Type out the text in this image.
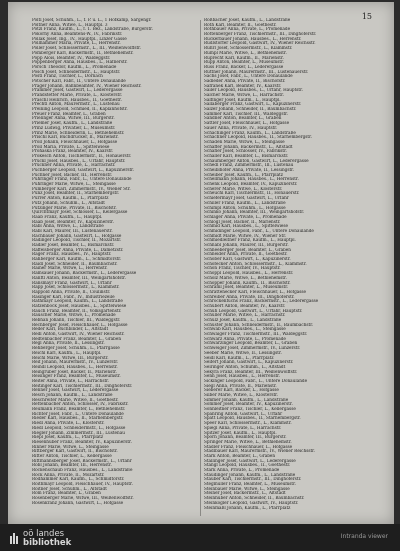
15
Pöltl Josef, Schuhm., L., f. P. u. L., 1 Hofkamp, Sargengr.
Pöltner Anna, Witwe, L., Hauptpl. 3
Pötzl Franz, Kaufm., L., f. 1. Bez., Landstraße, Bürgerstr.
Pokorny Anna, Beamtens-W., IV., Fabrikstr.
Pollak Josef, Ing., IV., Hauptpl., Linzer Gasse
Pollhammer Maria, Private, L., Herrenstr.
Poller Josef, Schlossermstr., L., III., Weißenwolffstr.
Pomberger Karl, Bäckermstr., II., Bethlehemstr.
Popp Alois, Beamter, IV., Waldeggstr.
Poppenberger Anna, Hausbes., L., Hafnerstr.
Porsch Theodor, Kaufm., L., Promenade
Posch Josef, Schneidermstr., L., Hauptstr.
Postl Franz, Tischler, L., Dornach
Pötscher Karl, Fabr., II., Untere Donaulände
Prager Johann, Bahnbeamter, IV., Wiener Reichsstr.
Prammer Josef, Gastwirt, L., Lederergasse
Prandstetter Marie, Private, L., Klosterstr.
Praschl Heinrich, Hausbes., II., Goethestr.
Prechtl Anton, Maurermstr., L., Lustenau
Preining Leopold, Schmied, II., Kaplanhofstr.
Preuer Franz, Beamter, L., Graben
Prielinger Anna, Witwe, III., Bürgerstr.
Priemer Josef, Kaufm., L., Landstraße
Prinz Ludwig, Privatier, L., Museumstr.
Prinz Marie, Schneiderin, L., Bethlehemstr.
Prischl Karl, Buchdrucker, II., Marienstr.
Pröll Johann, Fleischhauer, L., Hofgasse
Pröll Maria, Private, L., Spittelwiese
Prohaska Franz, Beamter, IV., Kaarstr.
Prokesch Anton, Tischlermstr., II., Honauerstr.
Prückl Josef, Hausbes., L., Urfahr, Hauptstr.
Pruckner Anna, Private, L., Harrachstr.
Puchberger Leopold, Gastwirt, L., Kapuzinerstr.
Puchner Josef, Bäcker, III., Herrenstr.
Pühringer Franz, Fabr., L., Untere Donaulände
Pühringer Marie, Witwe, L., Steingasse
Pumberger Karl, Zimmermstr., IV., Wiener Str.
Punz Josef, Beamter, II., Starhembergstr.
Purrer Anton, Kaufm., L., Pfarrplatz
Putz Johann, Schuhm., L., Altstadt
Putzinger Marie, Private, II., Bischofstr.
Quirchtmayr Josef, Schlosser, L., Kellergasse
Raab Franz, Kaufm., L., Hauptpl.
Raab Josef, Beamter, IV., Kapuzinerstr.
Rabl Anna, Witwe, L., Landstraße
Rabl Karl, Maurer, III., Lustenauerstr.
Rachbauer Johann, Gastwirt, L., Hofgasse
Radinger Leopold, Tischler, II., Mozartstr.
Radler Josef, Beamter, L., Bismarckstr.
Raffelsberger Anna, Private, L., Dametzstr.
Rager Franz, Hausbes., IV., Hauptstr.
Rahberger Karl, Kaufm., L., Schmidtorstr.
Raidl Josef, Schneider, II., Baumbachstr.
Rainer Marie, Witwe, L., Herrenstr.
Ramsauer Johann, Bäckermstr., L., Lederergasse
Ranftl Anton, Beamter, III., Weingartshofstr.
Ransmayr Franz, Gastwirt, L., Urfahr
Rapp Josef, Schlossermstr., L., Klammstr.
Rappold Anna, Private, II., Coulinstr.
Rasinger Karl, Fabr., IV., Industriezeile
Rathmayr Leopold, Kaufm., L., Landstraße
Ratzenböck Josef, Hausbes., L., Spittelwiese
Rauch Franz, Beamter, II., Volksgartenstr.
Rauscher Marie, Witwe, L., Promenade
Rebhan Johann, Tischler, III., Waldeggstr.
Rechberger Josef, Fleischhauer, L., Hofgasse
Reder Karl, Buchbinder, L., Altstadt
Redl Anton, Gastwirt, IV., Wiener Reichsstr.
Redtenbacher Franz, Beamter, L., Graben
Regl Anna, Private, II., Lessingstr.
Rehberger Josef, Schuhm., L., Pfarrgasse
Reichl Karl, Kaufm., L., Hauptpl.
Reichl Marie, Witwe, III., Bürgerstr.
Reif Johann, Maurermstr., IV., Lunzerstr.
Reindl Leopold, Hausbes., L., Herrenstr.
Reingruber Josef, Bäcker, II., Marienstr.
Reisinger Franz, Beamter, L., Museumstr.
Reiter Anna, Private, L., Harrachstr.
Reitinger Karl, Tischlermstr., III., Dinghoferstr.
Renner Josef, Gastwirt, L., Lederergasse
Resch Johann, Kaufm., L., Landstraße
Reschreiter Marie, Witwe, II., Goethestr.
Rettenbacher Anton, Schlosser, IV., Fabrikstr.
Reumann Franz, Beamter, L., Bethlehemstr.
Richter Josef, Fabr., L., Untere Donaulände
Rieder Karl, Hausbes., II., Starhembergstr.
Riedl Anna, Private, L., Klosterstr.
Riedl Leopold, Schneidermstr., L., Hofgasse
Riegler Johann, Zimmermstr., III., Lustenau
Riepl Josef, Kaufm., L., Pfarrplatz
Riesenhuber Franz, Beamter, IV., Kapuzinerstr.
Rinner Marie, Witwe, L., Steingasse
Rittberger Karl, Gastwirt, II., Bischofstr.
Ritter Anton, Tischler, L., Kellergasse
Rittmannsberger Josef, Bäckermstr., L., Urfahr
Robl Johann, Beamter, III., Herrenstr.
Rockenschaub Franz, Hausbes., L., Landstraße
Röck Anna, Private, II., Mozartstr.
Rödhammer Karl, Kaufm., L., Schmidtorstr.
Roithmayr Leopold, Fleischhauer, IV., Hauptstr.
Roitner Josef, Schuhm., L., Altstadt
Rom Franz, Beamter, L., Graben
Rosenberger Marie, Witwe, III., Weißenwolffstr.
Rosenkranz Johann, Gastwirt, L., Hofgasse
Roßbacher Josef, Kaufm., L., Landstraße
Roth Karl, Beamter, II., Goethestr.
Rothbauer Anna, Private, L., Promenade
Rottenberger Franz, Tischlermstr., III., Dinghoferstr.
Ruckerbauer Johann, Hausbes., L., Herrenstr.
Rudlstorfer Leopold, Gastwirt, IV., Wiener Reichsstr.
Rührl Josef, Schlossermstr., L., Klammstr.
Rumpl Marie, Witwe, L., Bethlehemstr.
Ruprecht Karl, Kaufm., II., Marienstr.
Rupp Anton, Beamter, L., Museumstr.
Russ Franz, Bäcker, L., Lederergasse
Ruttner Johann, Maurermstr., III., Lustenauerstr.
Sachs Josef, Fabr., L., Untere Donaulände
Sadleder Anna, Private, II., Bischofstr.
Safranek Karl, Beamter, IV., Kaarstr.
Sailer Leopold, Hausbes., L., Urfahr, Hauptstr.
Salcher Marie, Witwe, L., Harrachstr.
Salfinger Josef, Kaufm., L., Hauptpl.
Sallaberger Franz, Gastwirt, L., Kapuzinerstr.
Salzer Johann, Schneider, II., Baumbachstr.
Sammer Karl, Tischler, III., Waldeggstr.
Sandner Anton, Beamter, L., Graben
Sattler Josef, Fleischhauer, L., Hofgasse
Sauer Anna, Private, IV., Hauptstr.
Schachinger Franz, Kaufm., L., Landstraße
Schachner Leopold, Hausbes., II., Starhembergstr.
Schaden Marie, Witwe, L., Steingasse
Schaffer Johann, Bäckermstr., L., Altstadt
Schafler Josef, Schlosser, IV., Fabrikstr.
Schaller Karl, Beamter, L., Bismarckstr.
Schaumberger Anton, Gastwirt, L., Lederergasse
Schedl Franz, Zimmermstr., III., Lustenau
Scheiblhofer Anna, Private, II., Lessingstr.
Scheiber Josef, Kaufm., L., Pfarrplatz
Schellmann Johann, Hausbes., L., Herrenstr.
Schenk Leopold, Beamter, IV., Kapuzinerstr.
Scherer Marie, Witwe, L., Klosterstr.
Scheuchl Karl, Tischlermstr., II., Honauerstr.
Schiefermayr Josef, Gastwirt, L., Urfahr
Schiller Franz, Kaufm., L., Landstraße
Schimpl Anton, Schuhm., L., Hofgasse
Schinko Johann, Beamter, III., Weingartshofstr.
Schlager Anna, Private, L., Promenade
Schlögl Josef, Bäcker, II., Marienstr.
Schmid Karl, Hausbes., L., Spittelwiese
Schmidinger Leopold, Fabr., L., Untere Donaulände
Schmidt Marie, Witwe, IV., Wiener Str.
Schmiedleitner Franz, Kaufm., L., Hauptpl.
Schnabl Johann, Maurer, III., Bürgerstr.
Schneeberger Josef, Beamter, L., Graben
Schneider Anna, Private, II., Goethestr.
Schober Karl, Gastwirt, L., Kapuzinerstr.
Schöfecker Anton, Schlossermstr., L., Klammstr.
Schön Franz, Tischler, IV., Hauptstr.
Schöppl Leopold, Hausbes., L., Herrenstr.
Scholz Marie, Witwe, L., Bethlehemstr.
Schopper Johann, Kaufm., II., Bischofstr.
Schraml Josef, Beamter, L., Museumstr.
Schrattenecker Karl, Fleischhauer, L., Hofgasse
Schreiber Anna, Private, III., Dinghoferstr.
Schröckenfuchs Franz, Bäckermstr., L., Lederergasse
Schubert Anton, Beamter, IV., Kaarstr.
Schuh Leopold, Gastwirt, L., Urfahr, Hauptstr.
Schuller Marie, Witwe, L., Harrachstr.
Schulz Josef, Kaufm., L., Landstraße
Schuster Johann, Schneidermstr., II., Baumbachstr.
Schwab Karl, Hausbes., L., Steingasse
Schwaiger Franz, Tischlermstr., III., Waldeggstr.
Schwarz Anna, Private, L., Promenade
Schwarzinger Leopold, Beamter, L., Graben
Schweiger Josef, Zimmermstr., IV., Lunzerstr.
Seeber Marie, Witwe, II., Lessingstr.
Seidl Karl, Kaufm., L., Pfarrplatz
Seifert Johann, Gastwirt, L., Kapuzinerstr.
Seiringer Anton, Schuhm., L., Altstadt
Sekyra Franz, Beamter, III., Weißenwolffstr.
Senn Josef, Hausbes., L., Herrenstr.
Sickinger Leopold, Fabr., L., Untere Donaulände
Siegl Anna, Private, II., Marienstr.
Sieberer Karl, Bäcker, L., Hofgasse
Silber Marie, Witwe, L., Klosterstr.
Simmer Johann, Kaufm., L., Landstraße
Sommer Josef, Beamter, IV., Kapuzinerstr.
Sonnleitner Franz, Tischler, L., Kellergasse
Spanring Anton, Gastwirt, L., Urfahr
Spatt Leopold, Hausbes., II., Starhembergstr.
Speer Karl, Schlossermstr., L., Klammstr.
Spiegl Anna, Private, L., Harrachstr.
Spitzer Josef, Kaufm., L., Hauptpl.
Sporn Johann, Beamter, III., Bürgerstr.
Springer Marie, Witwe, L., Bethlehemstr.
Stadler Franz, Fleischhauer, L., Hofgasse
Stadlbauer Karl, Maurermstr., IV., Wiener Reichsstr.
Stärk Anton, Beamter, L., Graben
Stallinger Josef, Gastwirt, L., Lederergasse
Stangl Leopold, Hausbes., II., Goethestr.
Stark Anna, Private, L., Promenade
Staudinger Johann, Kaufm., L., Landstraße
Stauber Karl, Tischlermstr., III., Dinghoferstr.
Stegmüller Franz, Beamter, L., Museumstr.
Steinbauer Marie, Witwe, L., Steingasse
Steiner Josef, Bäckermstr., L., Altstadt
Steinhuber Anton, Schneider, II., Baumbachstr.
Steinkogler Leopold, Gastwirt, IV., Hauptstr.
Steinmaßl Johann, Kaufm., L., Pfarrplatz
oö landes
bibliothek
Intranda viewer
